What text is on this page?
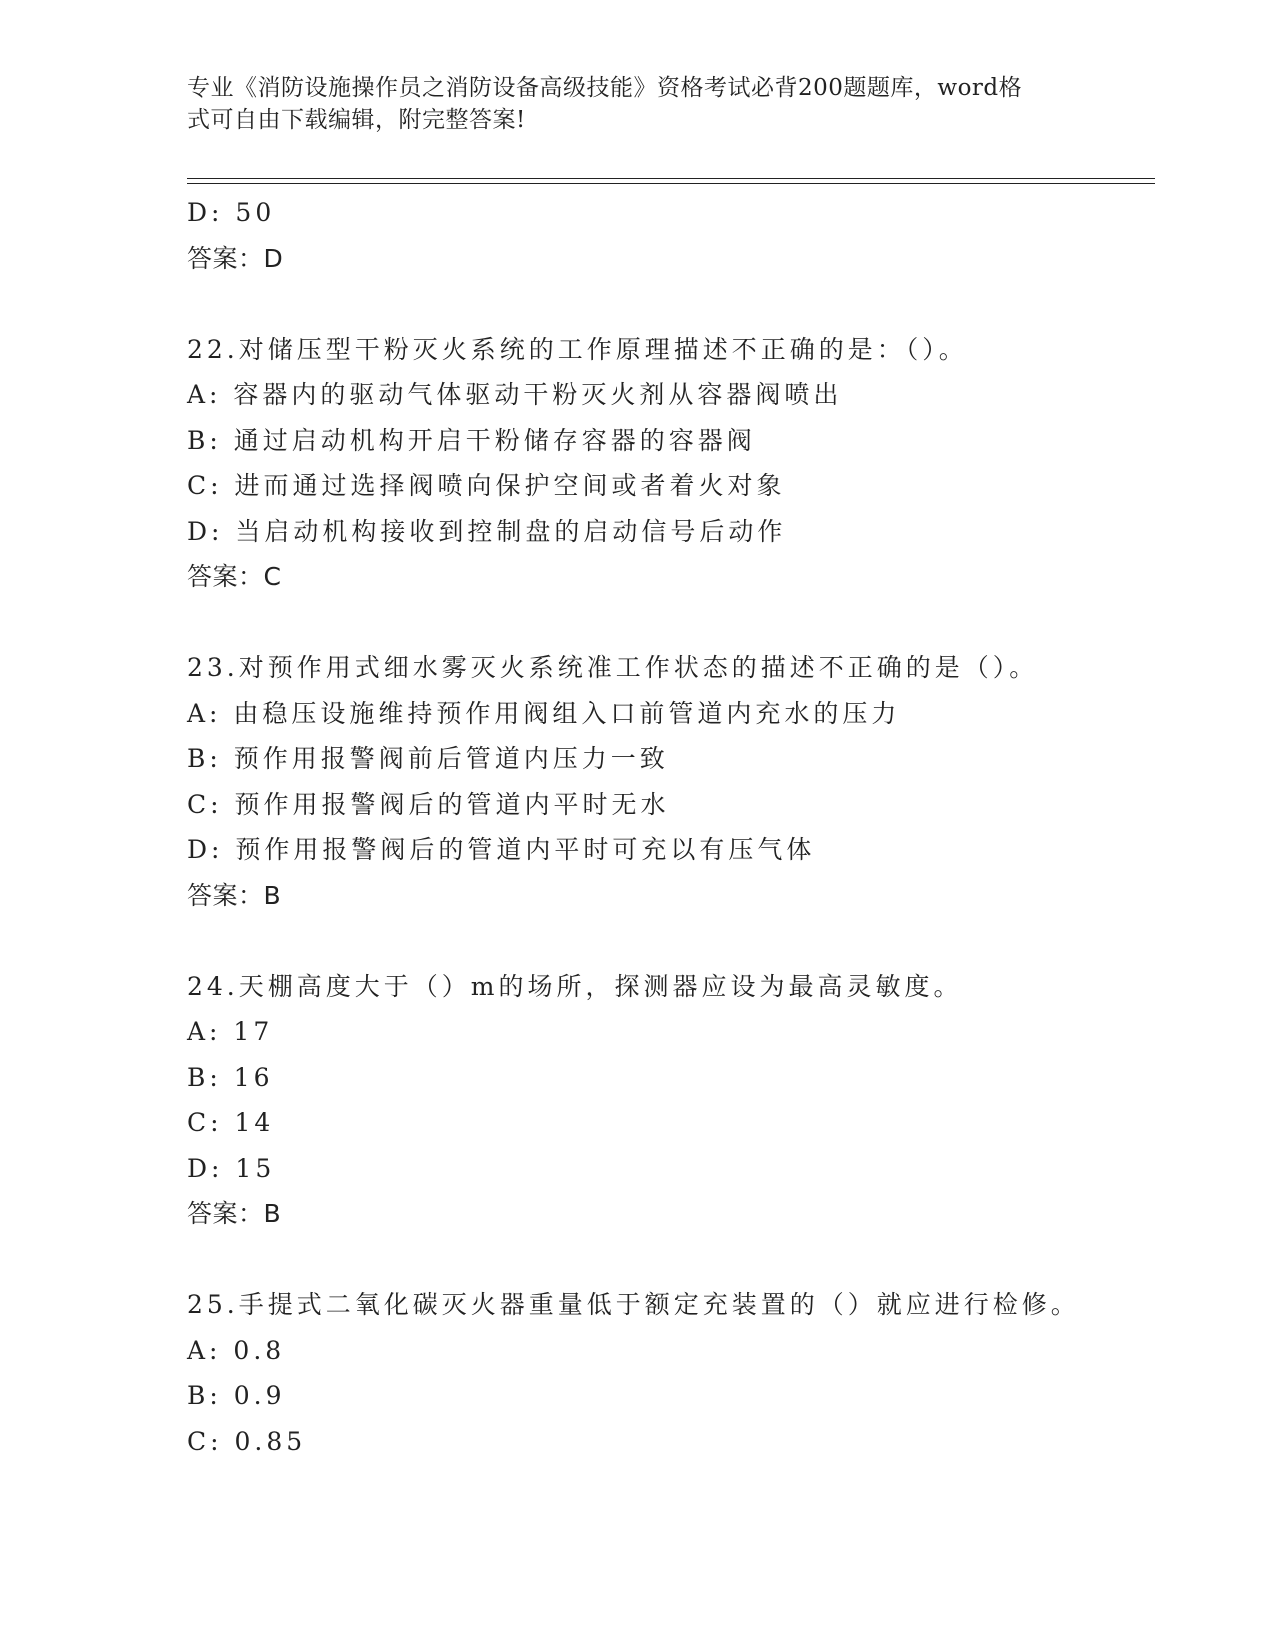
专业《消防设施操作员之消防设备高级技能》资格考试必背200题题库，word格
式可自由下载编辑，附完整答案!
D: 50
答案：D
22.对储压型干粉灭火系统的工作原理描述不正确的是：（）。
A: 容器内的驱动气体驱动干粉灭火剂从容器阀喷出
B: 通过启动机构开启干粉储存容器的容器阀
C: 进而通过选择阀喷向保护空间或者着火对象
D: 当启动机构接收到控制盘的启动信号后动作
答案：C
23.对预作用式细水雾灭火系统准工作状态的描述不正确的是（）。
A: 由稳压设施维持预作用阀组入口前管道内充水的压力
B: 预作用报警阀前后管道内压力一致
C: 预作用报警阀后的管道内平时无水
D: 预作用报警阀后的管道内平时可充以有压气体
答案：B
24.天棚高度大于（）m的场所，探测器应设为最高灵敏度。
A: 17
B: 16
C: 14
D: 15
答案：B
25.手提式二氧化碳灭火器重量低于额定充装置的（）就应进行检修。
A: 0.8
B: 0.9
C: 0.85
